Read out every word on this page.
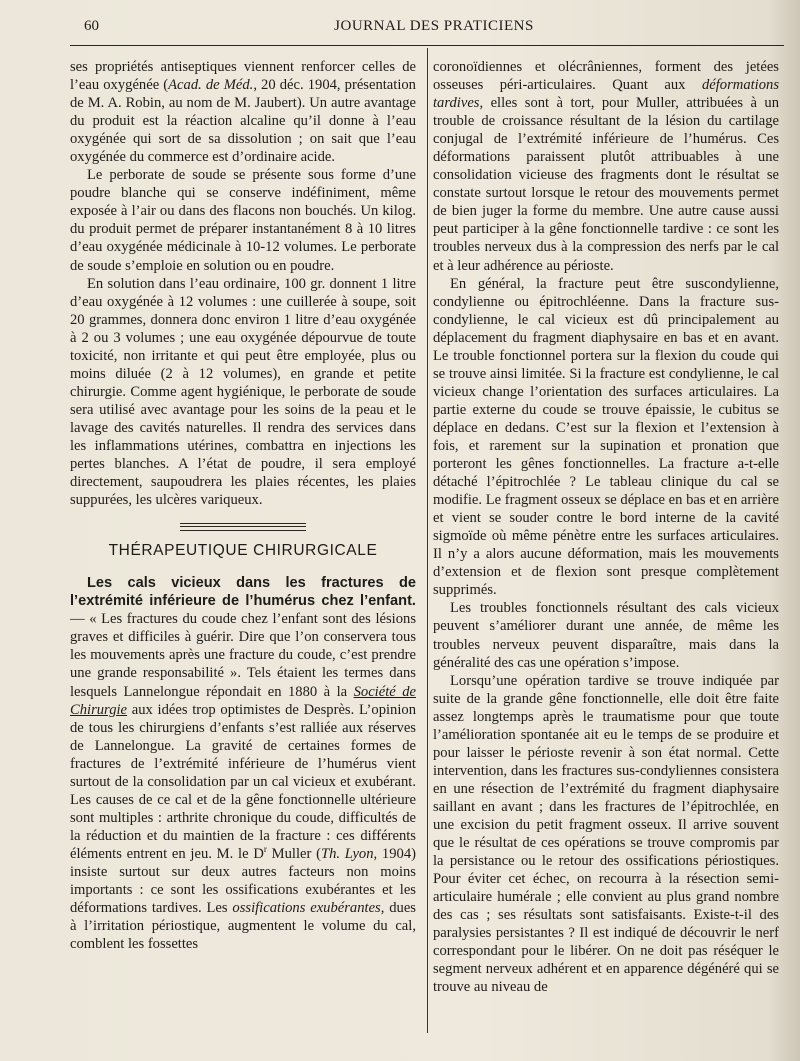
60	JOURNAL DES PRATICIENS

ses propriétés antiseptiques viennent renforcer celles de l’eau oxygénée (Acad. de Méd., 20 déc. 1904, présentation de M. A. Robin, au nom de M. Jaubert). Un autre avantage du produit est la réaction alcaline qu’il donne à l’eau oxygénée qui sort de sa dissolution ; on sait que l’eau oxygénée du commerce est d’ordinaire acide.

Le perborate de soude se présente sous forme d’une poudre blanche qui se conserve indéfiniment, même exposée à l’air ou dans des flacons non bouchés. Un kilog. du produit permet de préparer instantanément 8 à 10 litres d’eau oxygénée médicinale à 10-12 volumes. Le perborate de soude s’emploie en solution ou en poudre.

En solution dans l’eau ordinaire, 100 gr. donnent 1 litre d’eau oxygénée à 12 volumes : une cuillerée à soupe, soit 20 grammes, donnera donc environ 1 litre d’eau oxygénée à 2 ou 3 volumes ; une eau oxygénée dépourvue de toute toxicité, non irritante et qui peut être employée, plus ou moins diluée (2 à 12 volumes), en grande et petite chirurgie. Comme agent hygiénique, le perborate de soude sera utilisé avec avantage pour les soins de la peau et le lavage des cavités naturelles. Il rendra des services dans les inflammations utérines, combattra en injections les pertes blanches. A l’état de poudre, il sera employé directement, saupoudrera les plaies récentes, les plaies suppurées, les ulcères variqueux.

THÉRAPEUTIQUE CHIRURGICALE

Les cals vicieux dans les fractures de l’extrémité inférieure de l’humérus chez l’enfant. — « Les fractures du coude chez l’enfant sont des lésions graves et difficiles à guérir. Dire que l’on conservera tous les mouvements après une fracture du coude, c’est prendre une grande responsabilité ». Tels étaient les termes dans lesquels Lannelongue répondait en 1880 à la Société de Chirurgie aux idées trop optimistes de Desprès. L’opinion de tous les chirurgiens d’enfants s’est ralliée aux réserves de Lannelongue. La gravité de certaines formes de fractures de l’extrémité inférieure de l’humérus vient surtout de la consolidation par un cal vicieux et exubérant. Les causes de ce cal et de la gêne fonctionnelle ultérieure sont multiples : arthrite chronique du coude, difficultés de la réduction et du maintien de la fracture : ces différents éléments entrent en jeu. M. le $D^r$ Muller (Th. Lyon, 1904) insiste surtout sur deux autres facteurs non moins importants : ce sont les ossifications exubérantes et les déformations tardives. Les ossifications exubérantes, dues à l’irritation périostique, augmentent le volume du cal, comblent les fossettes

coronoïdiennes et olécrâniennes, forment des jetées osseuses péri-articulaires. Quant aux déformations tardives, elles sont à tort, pour Muller, attribuées à un trouble de croissance résultant de la lésion du cartilage conjugal de l’extrémité inférieure de l’humérus. Ces déformations paraissent plutôt attribuables à une consolidation vicieuse des fragments dont le résultat se constate surtout lorsque le retour des mouvements permet de bien juger la forme du membre. Une autre cause aussi peut participer à la gêne fonctionnelle tardive : ce sont les troubles nerveux dus à la compression des nerfs par le cal et à leur adhérence au périoste.

En général, la fracture peut être suscondylienne, condylienne ou épitrochléenne. Dans la fracture sus-condylienne, le cal vicieux est dû principalement au déplacement du fragment diaphysaire en bas et en avant. Le trouble fonctionnel portera sur la flexion du coude qui se trouve ainsi limitée. Si la fracture est condylienne, le cal vicieux change l’orientation des surfaces articulaires. La partie externe du coude se trouve épaissie, le cubitus se déplace en dedans. C’est sur la flexion et l’extension à fois, et rarement sur la supination et pronation que porteront les gênes fonctionnelles. La fracture a-t-elle détaché l’épitrochlée ? Le tableau clinique du cal se modifie. Le fragment osseux se déplace en bas et en arrière et vient se souder contre le bord interne de la cavité sigmoïde où même pénètre entre les surfaces articulaires. Il n’y a alors aucune déformation, mais les mouvements d’extension et de flexion sont presque complètement supprimés.

Les troubles fonctionnels résultant des cals vicieux peuvent s’améliorer durant une année, de même les troubles nerveux peuvent disparaître, mais dans la généralité des cas une opération s’impose.

Lorsqu’une opération tardive se trouve indiquée par suite de la grande gêne fonctionnelle, elle doit être faite assez longtemps après le traumatisme pour que toute l’amélioration spontanée ait eu le temps de se produire et pour laisser le périoste revenir à son état normal. Cette intervention, dans les fractures sus-condyliennes consistera en une résection de l’extrémité du fragment diaphysaire saillant en avant ; dans les fractures de l’épitrochlée, en une excision du petit fragment osseux. Il arrive souvent que le résultat de ces opérations se trouve compromis par la persistance ou le retour des ossifications périostiques. Pour éviter cet échec, on recourra à la résection semi-articulaire humérale ; elle convient au plus grand nombre des cas ; ses résultats sont satisfaisants. Existe-t-il des paralysies persistantes ? Il est indiqué de découvrir le nerf correspondant pour le libérer. On ne doit pas réséquer le segment nerveux adhérent et en apparence dégénéré qui se trouve au niveau de
